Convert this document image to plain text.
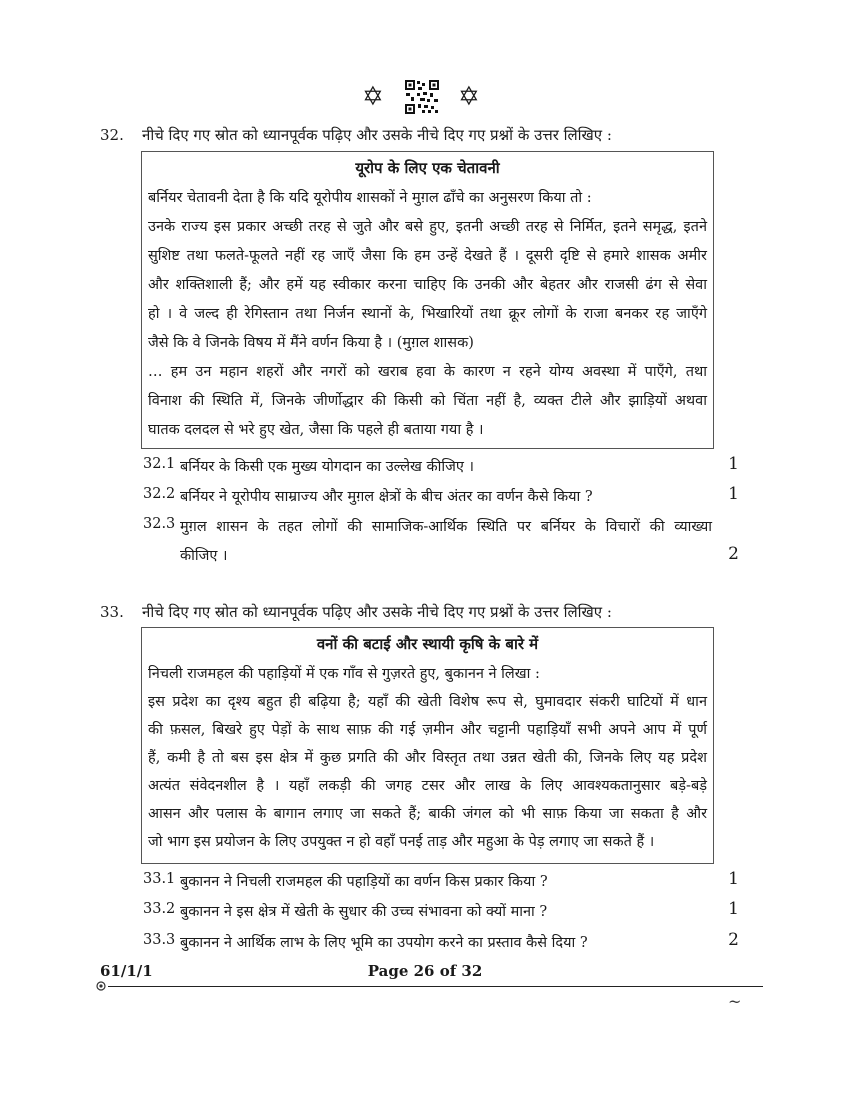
✡	✡
32. नीचे दिए गए स्रोत को ध्यानपूर्वक पढ़िए और उसके नीचे दिए गए प्रश्नों के उत्तर लिखिए :
यूरोप के लिए एक चेतावनी
बर्नियर चेतावनी देता है कि यदि यूरोपीय शासकों ने मुग़ल ढाँचे का अनुसरण किया तो :
उनके राज्य इस प्रकार अच्छी तरह से जुते और बसे हुए, इतनी अच्छी तरह से निर्मित, इतने समृद्ध, इतने
सुशिष्ट तथा फलते-फूलते नहीं रह जाएँ जैसा कि हम उन्हें देखते हैं । दूसरी दृष्टि से हमारे शासक अमीर
और शक्तिशाली हैं; और हमें यह स्वीकार करना चाहिए कि उनकी और बेहतर और राजसी ढंग से सेवा
हो । वे जल्द ही रेगिस्तान तथा निर्जन स्थानों के, भिखारियों तथा क्रूर लोगों के राजा बनकर रह जाएँगे
जैसे कि वे जिनके विषय में मैंने वर्णन किया है । (मुग़ल शासक)
… हम उन महान शहरों और नगरों को खराब हवा के कारण न रहने योग्य अवस्था में पाएँगे, तथा
विनाश की स्थिति में, जिनके जीर्णोद्धार की किसी को चिंता नहीं है, व्यक्त टीले और झाड़ियों अथवा
घातक दलदल से भरे हुए खेत, जैसा कि पहले ही बताया गया है ।
32.1 बर्नियर के किसी एक मुख्य योगदान का उल्लेख कीजिए ।	1
32.2 बर्नियर ने यूरोपीय साम्राज्य और मुग़ल क्षेत्रों के बीच अंतर का वर्णन कैसे किया ?	1
32.3 मुग़ल शासन के तहत लोगों की सामाजिक-आर्थिक स्थिति पर बर्नियर के विचारों की व्याख्या
कीजिए ।	2
33. नीचे दिए गए स्रोत को ध्यानपूर्वक पढ़िए और उसके नीचे दिए गए प्रश्नों के उत्तर लिखिए :
वनों की बटाई और स्थायी कृषि के बारे में
निचली राजमहल की पहाड़ियों में एक गाँव से गुज़रते हुए, बुकानन ने लिखा :
इस प्रदेश का दृश्य बहुत ही बढ़िया है; यहाँ की खेती विशेष रूप से, घुमावदार संकरी घाटियों में धान
की फ़सल, बिखरे हुए पेड़ों के साथ साफ़ की गई ज़मीन और चट्टानी पहाड़ियाँ सभी अपने आप में पूर्ण
हैं, कमी है तो बस इस क्षेत्र में कुछ प्रगति की और विस्तृत तथा उन्नत खेती की, जिनके लिए यह प्रदेश
अत्यंत संवेदनशील है । यहाँ लकड़ी की जगह टसर और लाख के लिए आवश्यकतानुसार बड़े-बड़े
आसन और पलास के बागान लगाए जा सकते हैं; बाकी जंगल को भी साफ़ किया जा सकता है और
जो भाग इस प्रयोजन के लिए उपयुक्त न हो वहाँ पनई ताड़ और महुआ के पेड़ लगाए जा सकते हैं ।
33.1 बुकानन ने निचली राजमहल की पहाड़ियों का वर्णन किस प्रकार किया ?	1
33.2 बुकानन ने इस क्षेत्र में खेती के सुधार की उच्च संभावना को क्यों माना ?	1
33.3 बुकानन ने आर्थिक लाभ के लिए भूमि का उपयोग करने का प्रस्ताव कैसे दिया ?	2
61/1/1	Page 26 of 32
~
